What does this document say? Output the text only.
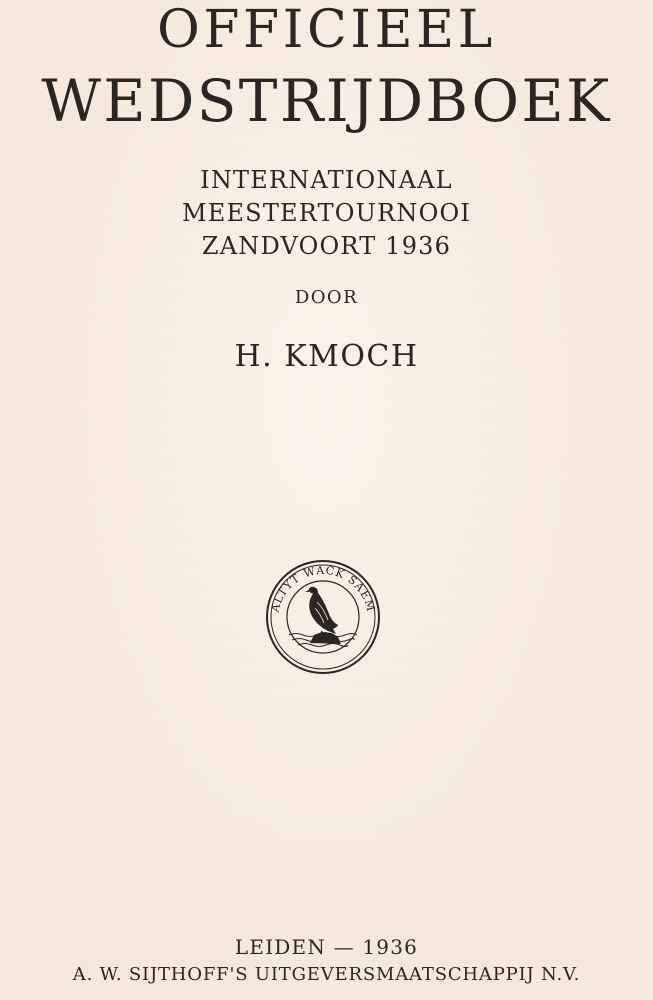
OFFICIEEL
WEDSTRIJDBOEK
INTERNATIONAAL
MEESTERTOURNOOI
ZANDVOORT 1936
DOOR
H. KMOCH
ALTYT WACK SAEM
LEIDEN — 1936
A. W. SIJTHOFF'S UITGEVERSMAATSCHAPPIJ N.V.
